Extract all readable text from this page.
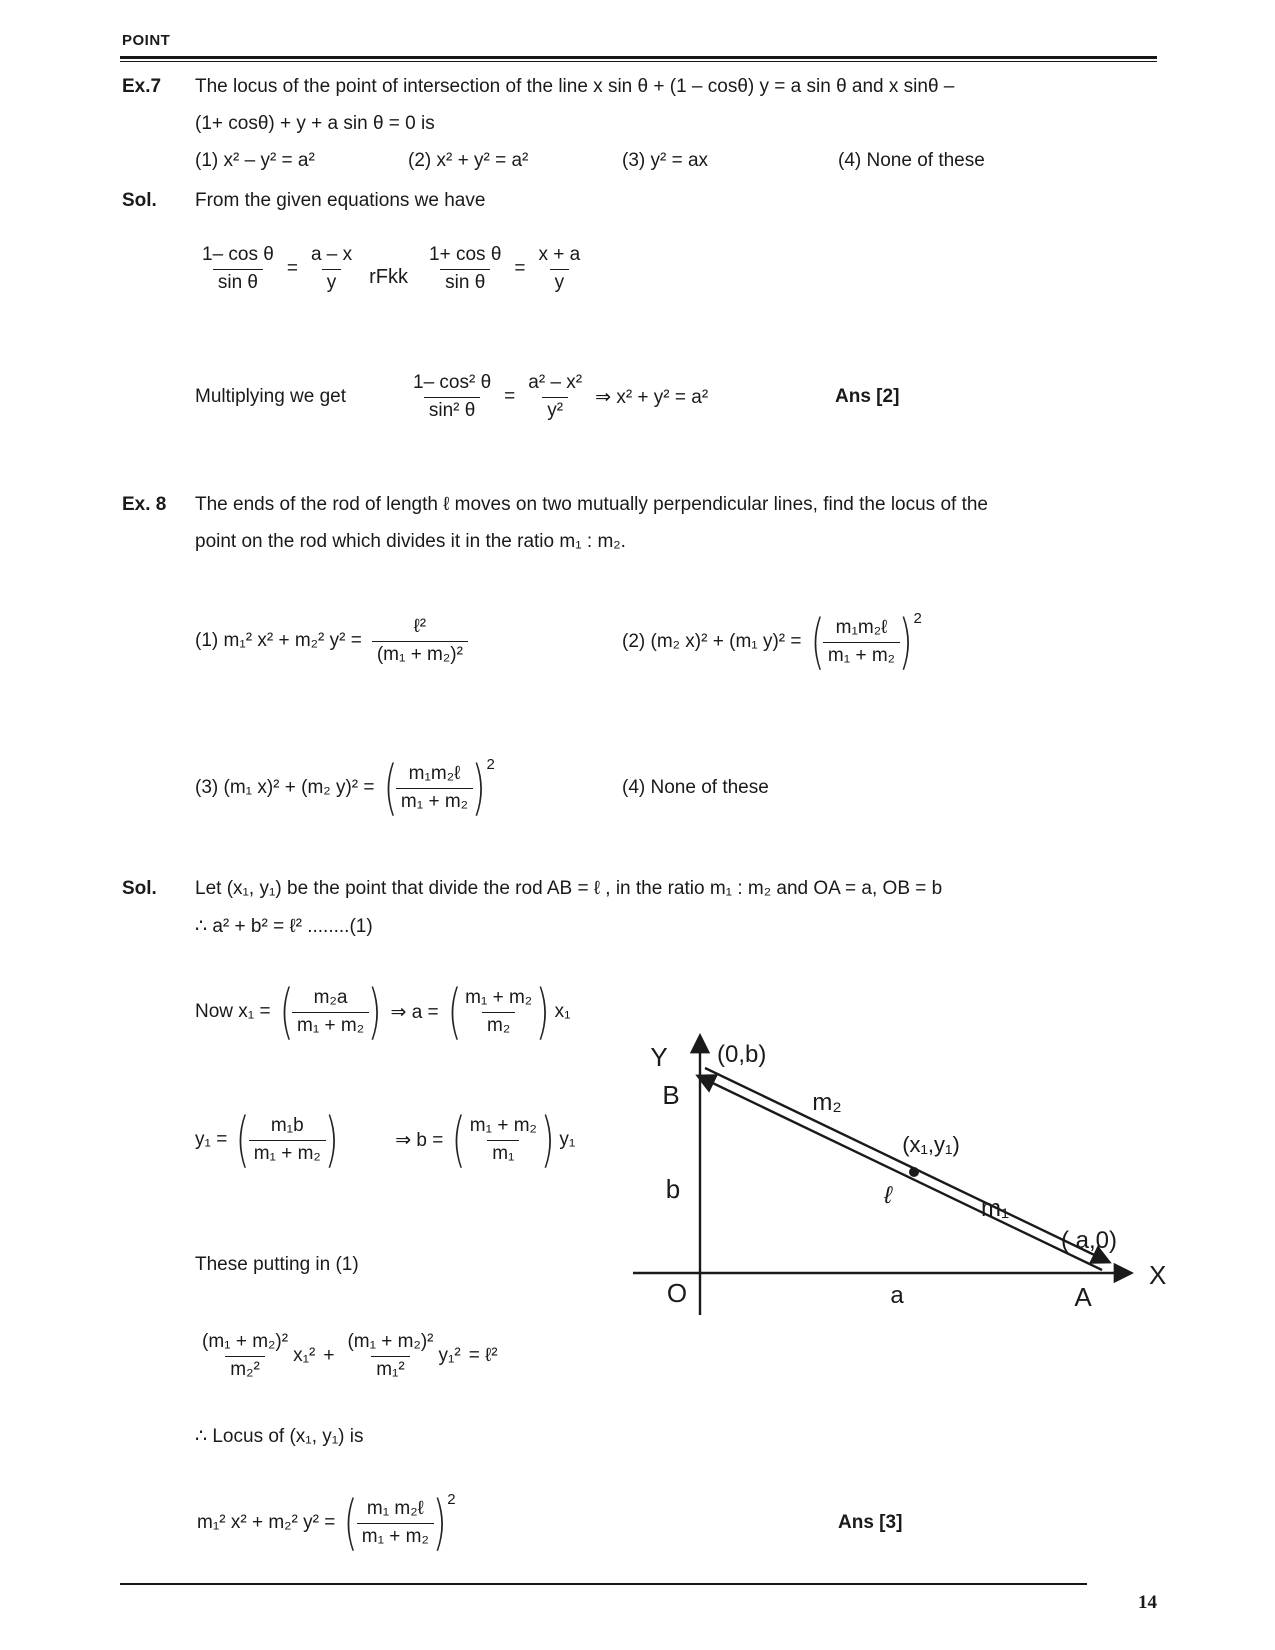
POINT
Ex.7 The locus of the point of intersection of the line x sin θ + (1 – cosθ) y = a sin θ and x sinθ –
(1+ cosθ) + y + a sin θ = 0 is
(1) x² – y² = a²	(2) x² + y² = a²	(3) y² = ax	(4) None of these
Sol. From the given equations we have
$\frac{\text{1– cos θ}}{\text{sin θ}} = \frac{a - x}{y}$ rFkk $\frac{\text{1+ cos θ}}{\text{sin θ}} = \frac{x + a}{y}$
Multiplying we get	$\frac{\text{1– cos² θ}}{\text{sin² θ}} = \frac{\text{a² – x²}}{\text{y²}}$ ⇒ x² + y² = a²	Ans [2]
Ex. 8 The ends of the rod of length ℓ moves on two mutually perpendicular lines, find the locus of the
point on the rod which divides it in the ratio m₁ : m₂.
(1) m₁² x² + m₂² $y^2 = \frac{\text{ℓ²}}{\text{(m₁ + m₂)²}}$	(2) (m₂ x)² + (m₁ y)² = (
$\frac{\text{m₁m₂ℓ}}{\text{m₁ + m₂}}$
) 2
(3) (m₁ x)² + (m₂ y)² = (
$\frac{\text{m₁m₂ℓ}}{\text{m₁ + m₂}}$
) 2
(4) None of these
Sol. Let (x₁, y₁) be the point that divide the rod AB = ℓ , in the ratio m₁ : m₂ and OA = a, OB = b
∴ a² + b² = ℓ² ........(1)
Now x₁ = (
$\frac{\text{m₂a}}{\text{m₁ + m₂}}$
) ⇒ a = (
$\frac{\text{m₁ + m₂}}{\text{m₂}}$
) x₁
y₁ = (
$\frac{\text{m₁b}}{\text{m₁ + m₂}}$
)	⇒ b = (
$\frac{\text{m₁ + m₂}}{\text{m₁}}$
) y₁
Y (0,b)
B	m₂
(x₁,y₁)
ℓ	m₁
b
( a,0)
X
O	a	A
These putting in (1)
$\frac{\text{(m₁ + m₂)²}}{\text{m₂²}} x_1^2 + \frac{\text{(m₁ + m₂)²}}{\text{m₁²}} y_1^2$ = ℓ²
∴ Locus of (x₁, y₁) is
m₁² x² + m₂² y² = (
$\frac{\text{m₁ m₂ℓ}}{\text{m₁ + m₂}}$
) 2
Ans [3]
14
